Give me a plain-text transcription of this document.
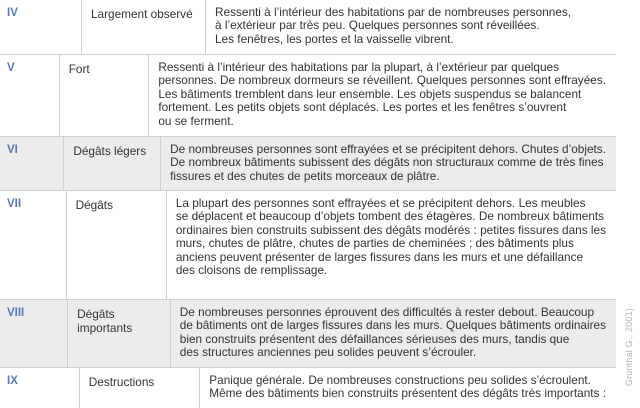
IV	Largement observé	Ressenti à l’intérieur des habitations par de nombreuses personnes,
à l’extérieur par très peu. Quelques personnes sont réveillées.
Les fenêtres, les portes et la vaisselle vibrent.
V	Fort	Ressenti à l’intérieur des habitations par la plupart, à l’extérieur par quelques
personnes. De nombreux dormeurs se réveillent. Quelques personnes sont effrayées.
Les bâtiments tremblent dans leur ensemble. Les objets suspendus se balancent
fortement. Les petits objets sont déplacés. Les portes et les fenêtres s’ouvrent
ou se ferment.
VI	Dégâts légers	De nombreuses personnes sont effrayées et se précipitent dehors. Chutes d’objets.
De nombreux bâtiments subissent des dégâts non structuraux comme de très fines
fissures et des chutes de petits morceaux de plâtre.
VII	Dégâts	La plupart des personnes sont effrayées et se précipitent dehors. Les meubles
se déplacent et beaucoup d’objets tombent des étagères. De nombreux bâtiments
ordinaires bien construits subissent des dégâts modérés : petites fissures dans les
murs, chutes de plâtre, chutes de parties de cheminées ; des bâtiments plus
anciens peuvent présenter de larges fissures dans les murs et une défaillance
des cloisons de remplissage.
VIII	Dégâts importants
De nombreuses personnes éprouvent des difficultés à rester debout. Beaucoup
de bâtiments ont de larges fissures dans les murs. Quelques bâtiments ordinaires
bien construits présentent des défaillances sérieuses des murs, tandis que
des structures anciennes peu solides peuvent s’écrouler.
IX	Destructions	Panique générale. De nombreuses constructions peu solides s’écroulent.
Même des bâtiments bien construits présentent des dégâts très importants :
Grünthal G., 2001)
